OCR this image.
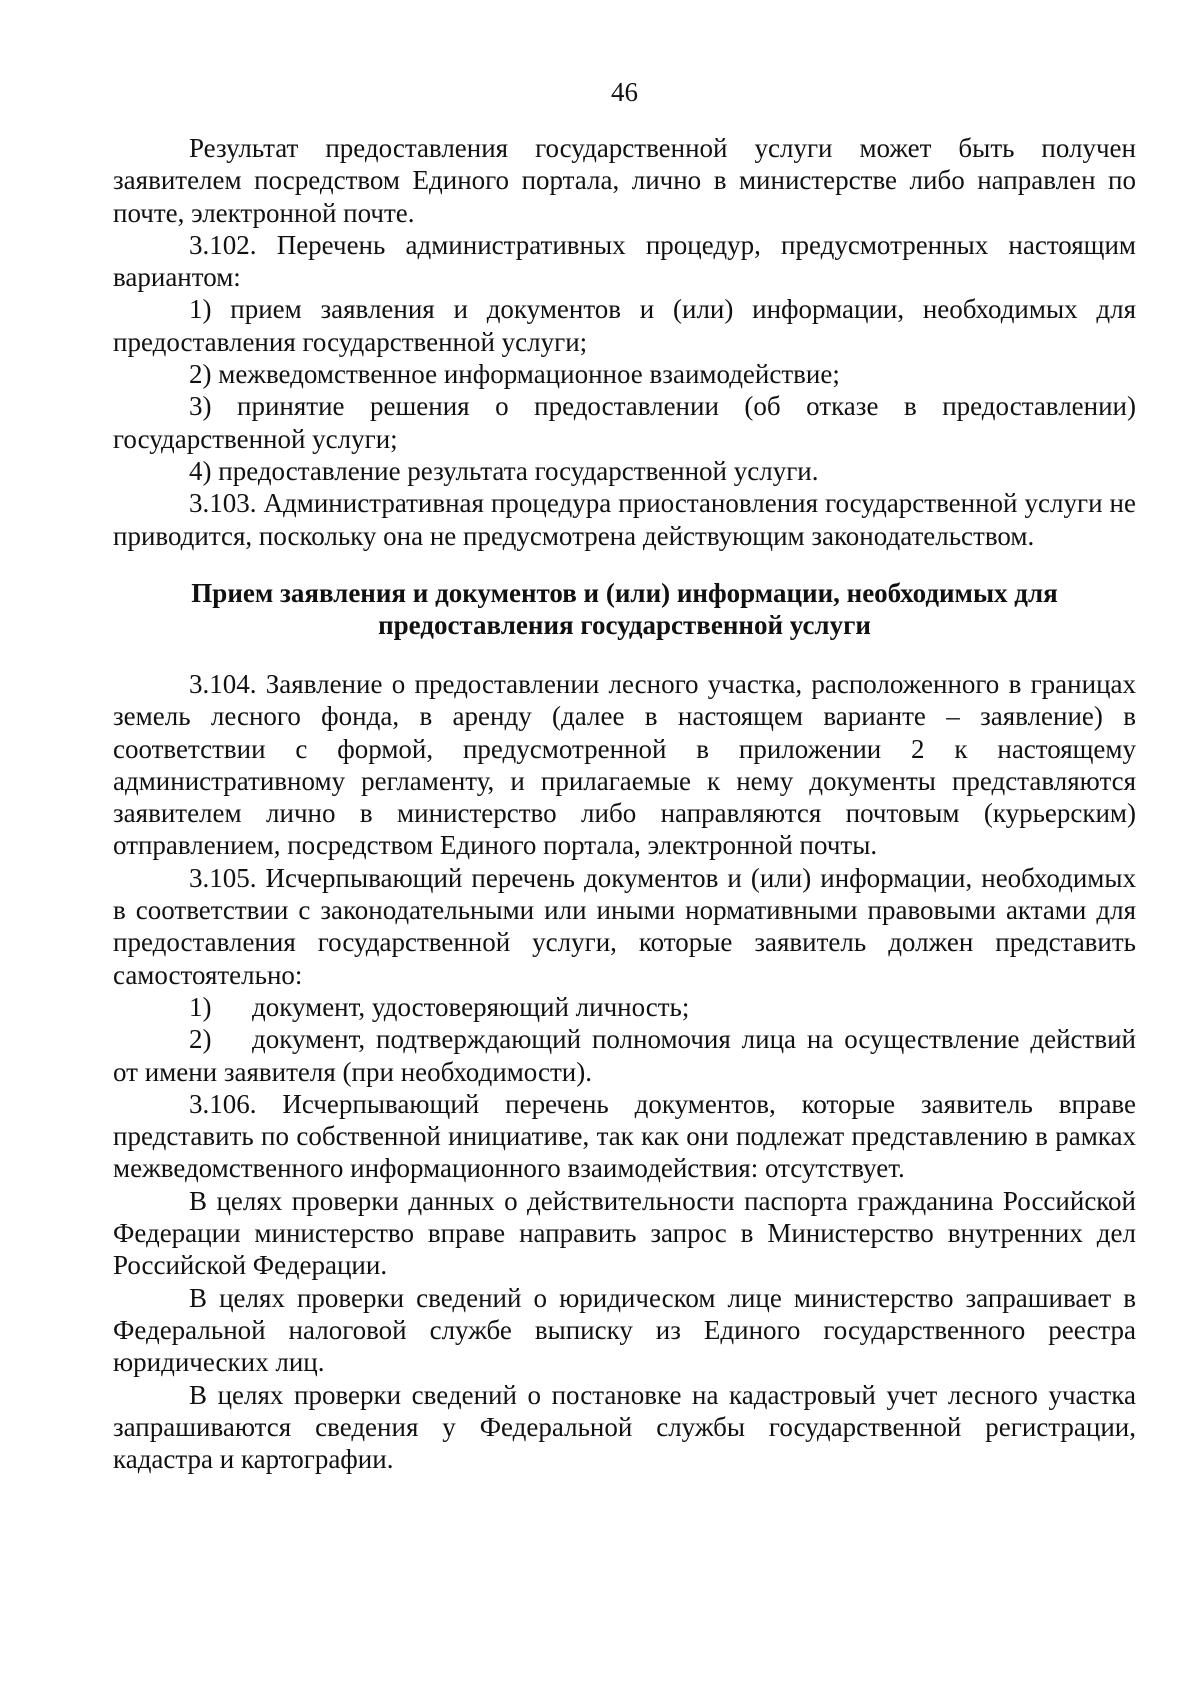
46

Результат предоставления государственной услуги может быть получен заявителем посредством Единого портала, лично в министерстве либо направлен по почте, электронной почте.

3.102. Перечень административных процедур, предусмотренных настоящим вариантом:

1) прием заявления и документов и (или) информации, необходимых для предоставления государственной услуги;

2) межведомственное информационное взаимодействие;

3) принятие решения о предоставлении (об отказе в предоставлении) государственной услуги;

4) предоставление результата государственной услуги.

3.103. Административная процедура приостановления государственной услуги не приводится, поскольку она не предусмотрена действующим законодательством.

Прием заявления и документов и (или) информации, необходимых для
предоставления государственной услуги

3.104. Заявление о предоставлении лесного участка, расположенного в границах земель лесного фонда, в аренду (далее в настоящем варианте – заявление) в соответствии с формой, предусмотренной в приложении 2 к настоящему административному регламенту, и прилагаемые к нему документы представляются заявителем лично в министерство либо направляются почтовым (курьерским) отправлением, посредством Единого портала, электронной почты.

3.105. Исчерпывающий перечень документов и (или) информации, необходимых в соответствии с законодательными или иными нормативными правовыми актами для предоставления государственной услуги, которые заявитель должен представить самостоятельно:

1) документ, удостоверяющий личность;
2) документ, подтверждающий полномочия лица на осуществление действий от имени заявителя (при необходимости).

3.106. Исчерпывающий перечень документов, которые заявитель вправе представить по собственной инициативе, так как они подлежат представлению в рамках межведомственного информационного взаимодействия: отсутствует.

В целях проверки данных о действительности паспорта гражданина Российской Федерации министерство вправе направить запрос в Министерство внутренних дел Российской Федерации.

В целях проверки сведений о юридическом лице министерство запрашивает в Федеральной налоговой службе выписку из Единого государственного реестра юридических лиц.

В целях проверки сведений о постановке на кадастровый учет лесного участка запрашиваются сведения у Федеральной службы государственной регистрации, кадастра и картографии.
